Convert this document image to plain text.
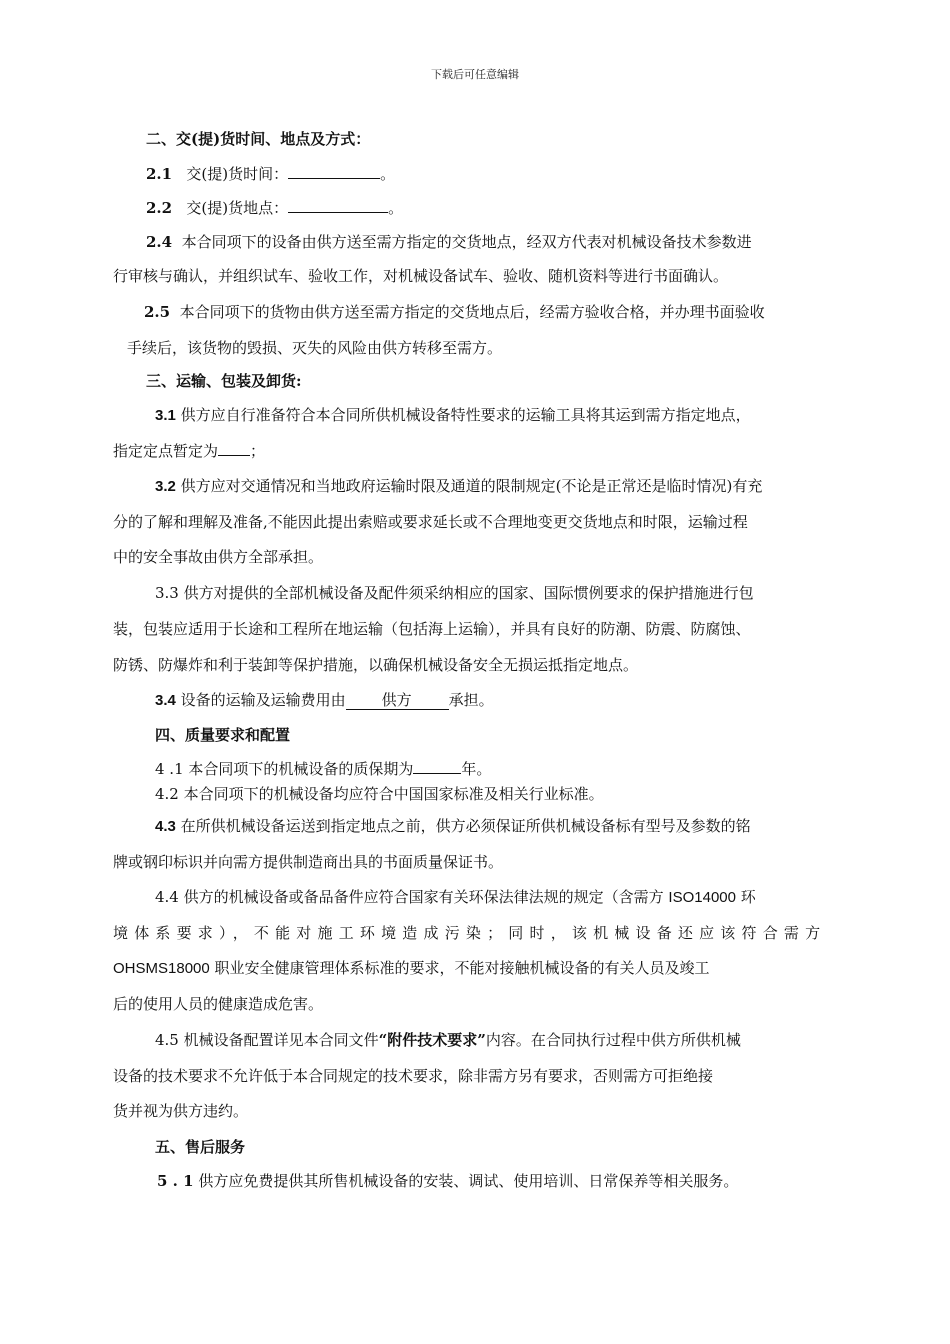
下载后可任意编辑
二、交(提)货时间、地点及方式：
2.1 交(提)货时间：	。
2.2 交(提)货地点：	。
2.4 本合同项下的设备由供方送至需方指定的交货地点，经双方代表对机械设备技术参数进
行审核与确认，并组织试车、验收工作，对机械设备试车、验收、随机资料等进行书面确认。
2.5 本合同项下的货物由供方送至需方指定的交货地点后，经需方验收合格，并办理书面验收
手续后，该货物的毁损、灭失的风险由供方转移至需方。
三、运输、包装及卸货:
3.1 供方应自行准备符合本合同所供机械设备特性要求的运输工具将其运到需方指定地点，
指定定点暂定为 ；
3.2 供方应对交通情况和当地政府运输时限及通道的限制规定(不论是正常还是临时情况)有充
分的了解和理解及准备,不能因此提出索赔或要求延长或不合理地变更交货地点和时限，运输过程
中的安全事故由供方全部承担。
3.3 供方对提供的全部机械设备及配件须采纳相应的国家、国际惯例要求的保护措施进行包
装，包装应适用于长途和工程所在地运输（包括海上运输），并具有良好的防潮、防震、防腐蚀、
防锈、防爆炸和利于装卸等保护措施，以确保机械设备安全无损运抵指定地点。
3.4 设备的运输及运输费用由 供方 承担。
四、质量要求和配置
4 .1 本合同项下的机械设备的质保期为	年。
4.2 本合同项下的机械设备均应符合中国国家标准及相关行业标准。
4.3 在所供机械设备运送到指定地点之前，供方必须保证所供机械设备标有型号及参数的铭
牌或钢印标识并向需方提供制造商出具的书面质量保证书。
4.4 供方的机械设备或备品备件应符合国家有关环保法律法规的规定（含需方 ISO14000 环
境体系要求），不能对施工环境造成污染；同时，该机械设备还应该符合需方
OHSMS18000 职业安全健康管理体系标准的要求，不能对接触机械设备的有关人员及竣工
后的使用人员的健康造成危害。
4.5 机械设备配置详见本合同文件“附件技术要求”内容。在合同执行过程中供方所供机械
设备的技术要求不允许低于本合同规定的技术要求，除非需方另有要求，否则需方可拒绝接
货并视为供方违约。
五、售后服务
5 . 1 供方应免费提供其所售机械设备的安装、调试、使用培训、日常保养等相关服务。
